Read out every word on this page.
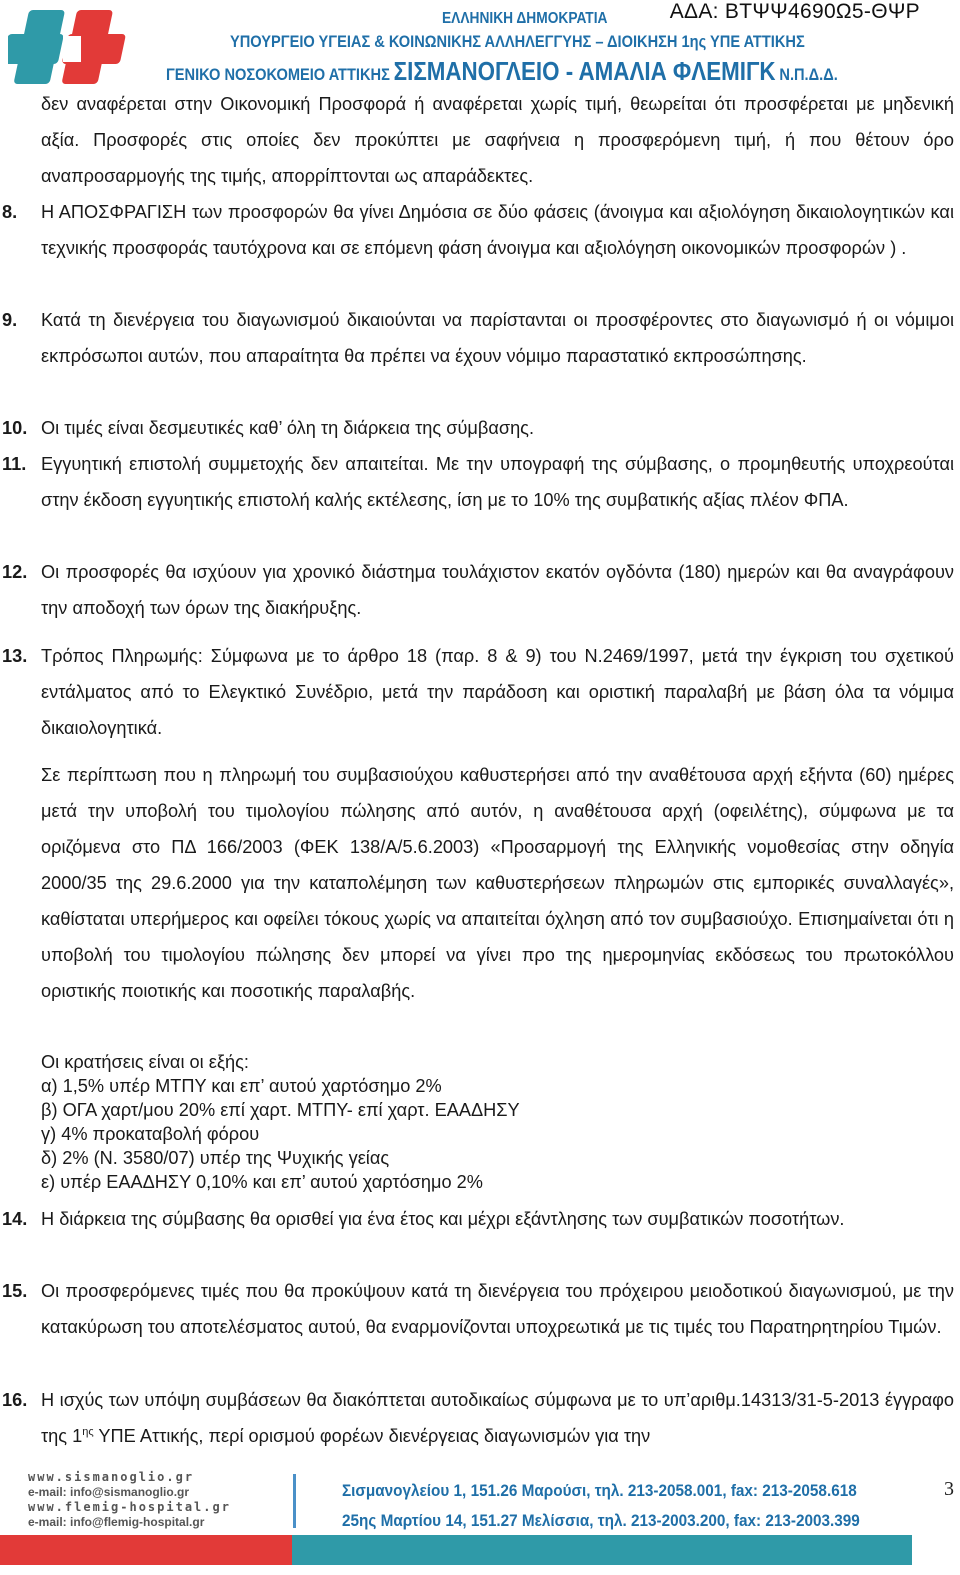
ΑΔΑ: ΒΤΨΨ4690Ω5-ΘΨΡ
ΕΛΛΗΝΙΚΗ ΔΗΜΟΚΡΑΤΙΑ
ΥΠΟΥΡΓΕΙΟ ΥΓΕΙΑΣ & ΚΟΙΝΩΝΙΚΗΣ ΑΛΛΗΛΕΓΓΥΗΣ – ΔΙΟΙΚΗΣΗ 1ης ΥΠΕ ΑΤΤΙΚΗΣ
ΓΕΝΙΚΟ ΝΟΣΟΚΟΜΕΙΟ ΑΤΤΙΚΗΣ ΣΙΣΜΑΝΟΓΛΕΙΟ - ΑΜΑΛΙΑ ΦΛΕΜΙΓΚ Ν.Π.Δ.Δ.
δεν αναφέρεται στην Οικονομική Προσφορά ή αναφέρεται χωρίς τιμή, θεωρείται ότι προσφέρεται με μηδενική αξία. Προσφορές στις οποίες δεν προκύπτει με σαφήνεια η προσφερόμενη τιμή, ή που θέτουν όρο αναπροσαρμογής της τιμής, απορρίπτονται ως απαράδεκτες.
8. Η ΑΠΟΣΦΡΑΓΙΣΗ των προσφορών θα γίνει Δημόσια σε δύο φάσεις (άνοιγμα και αξιολόγηση δικαιολογητικών και τεχνικής προσφοράς ταυτόχρονα και σε επόμενη φάση άνοιγμα και αξιολόγηση οικονομικών προσφορών ) .
9. Κατά τη διενέργεια του διαγωνισμού δικαιούνται να παρίστανται οι προσφέροντες στο διαγωνισμό ή οι νόμιμοι εκπρόσωποι αυτών, που απαραίτητα θα πρέπει να έχουν νόμιμο παραστατικό εκπροσώπησης.
10. Οι τιμές είναι δεσμευτικές καθ’ όλη τη διάρκεια της σύμβασης.
11. Εγγυητική επιστολή συμμετοχής δεν απαιτείται. Με την υπογραφή της σύμβασης, ο προμηθευτής υποχρεούται στην έκδοση εγγυητικής επιστολή καλής εκτέλεσης, ίση με το 10% της συμβατικής αξίας πλέον ΦΠΑ.
12. Οι προσφορές θα ισχύουν για χρονικό διάστημα τουλάχιστον εκατόν ογδόντα (180) ημερών και θα αναγράφουν την αποδοχή των όρων της διακήρυξης.
13. Τρόπος Πληρωμής: Σύμφωνα με το άρθρο 18 (παρ. 8 & 9) του Ν.2469/1997, μετά την έγκριση του σχετικού εντάλματος από το Ελεγκτικό Συνέδριο, μετά την παράδοση και οριστική παραλαβή με βάση όλα τα νόμιμα δικαιολογητικά.
Σε περίπτωση που η πληρωμή του συμβασιούχου καθυστερήσει από την αναθέτουσα αρχή εξήντα (60) ημέρες μετά την υποβολή του τιμολογίου πώλησης από αυτόν, η αναθέτουσα αρχή (οφειλέτης), σύμφωνα με τα οριζόμενα στο ΠΔ 166/2003 (ΦΕΚ 138/Α/5.6.2003) «Προσαρμογή της Ελληνικής νομοθεσίας στην οδηγία 2000/35 της 29.6.2000 για την καταπολέμηση των καθυστερήσεων πληρωμών στις εμπορικές συναλλαγές», καθίσταται υπερήμερος και οφείλει τόκους χωρίς να απαιτείται όχληση από τον συμβασιούχο. Επισημαίνεται ότι η υποβολή του τιμολογίου πώλησης δεν μπορεί να γίνει προ της ημερομηνίας εκδόσεως του πρωτοκόλλου οριστικής ποιοτικής και ποσοτικής παραλαβής.
Οι κρατήσεις είναι οι εξής:
α) 1,5% υπέρ ΜΤΠΥ και επ’ αυτού χαρτόσημο 2%
β) ΟΓΑ χαρτ/μου 20% επί χαρτ. ΜΤΠΥ- επί χαρτ. ΕΑΑΔΗΣΥ
γ) 4% προκαταβολή φόρου
δ) 2% (Ν. 3580/07) υπέρ της Ψυχικής γείας
ε) υπέρ ΕΑΑΔΗΣΥ 0,10% και επ’ αυτού χαρτόσημο 2%
14. Η διάρκεια της σύμβασης θα ορισθεί για ένα έτος και μέχρι εξάντλησης των συμβατικών ποσοτήτων.
15. Οι προσφερόμενες τιμές που θα προκύψουν κατά τη διενέργεια του πρόχειρου μειοδοτικού διαγωνισμού, με την κατακύρωση του αποτελέσματος αυτού, θα εναρμονίζονται υποχρεωτικά με τις τιμές του Παρατηρητηρίου Τιμών.
16. Η ισχύς των υπόψη συμβάσεων θα διακόπτεται αυτοδικαίως σύμφωνα με το υπ’αριθμ.14313/31-5-2013 έγγραφο της $1^{\eta\varsigma}$ ΥΠΕ Αττικής, περί ορισμού φορέων διενέργειας διαγωνισμών για την
www.sismanoglio.gr
e-mail: info@sismanoglio.gr
www.flemig-hospital.gr
e-mail: info@flemig-hospital.gr
Σισμανογλείου 1, 151.26 Μαρούσι, τηλ. 213-2058.001, fax: 213-2058.618
25ης Μαρτίου 14, 151.27 Μελίσσια, τηλ. 213-2003.200, fax: 213-2003.399
3
